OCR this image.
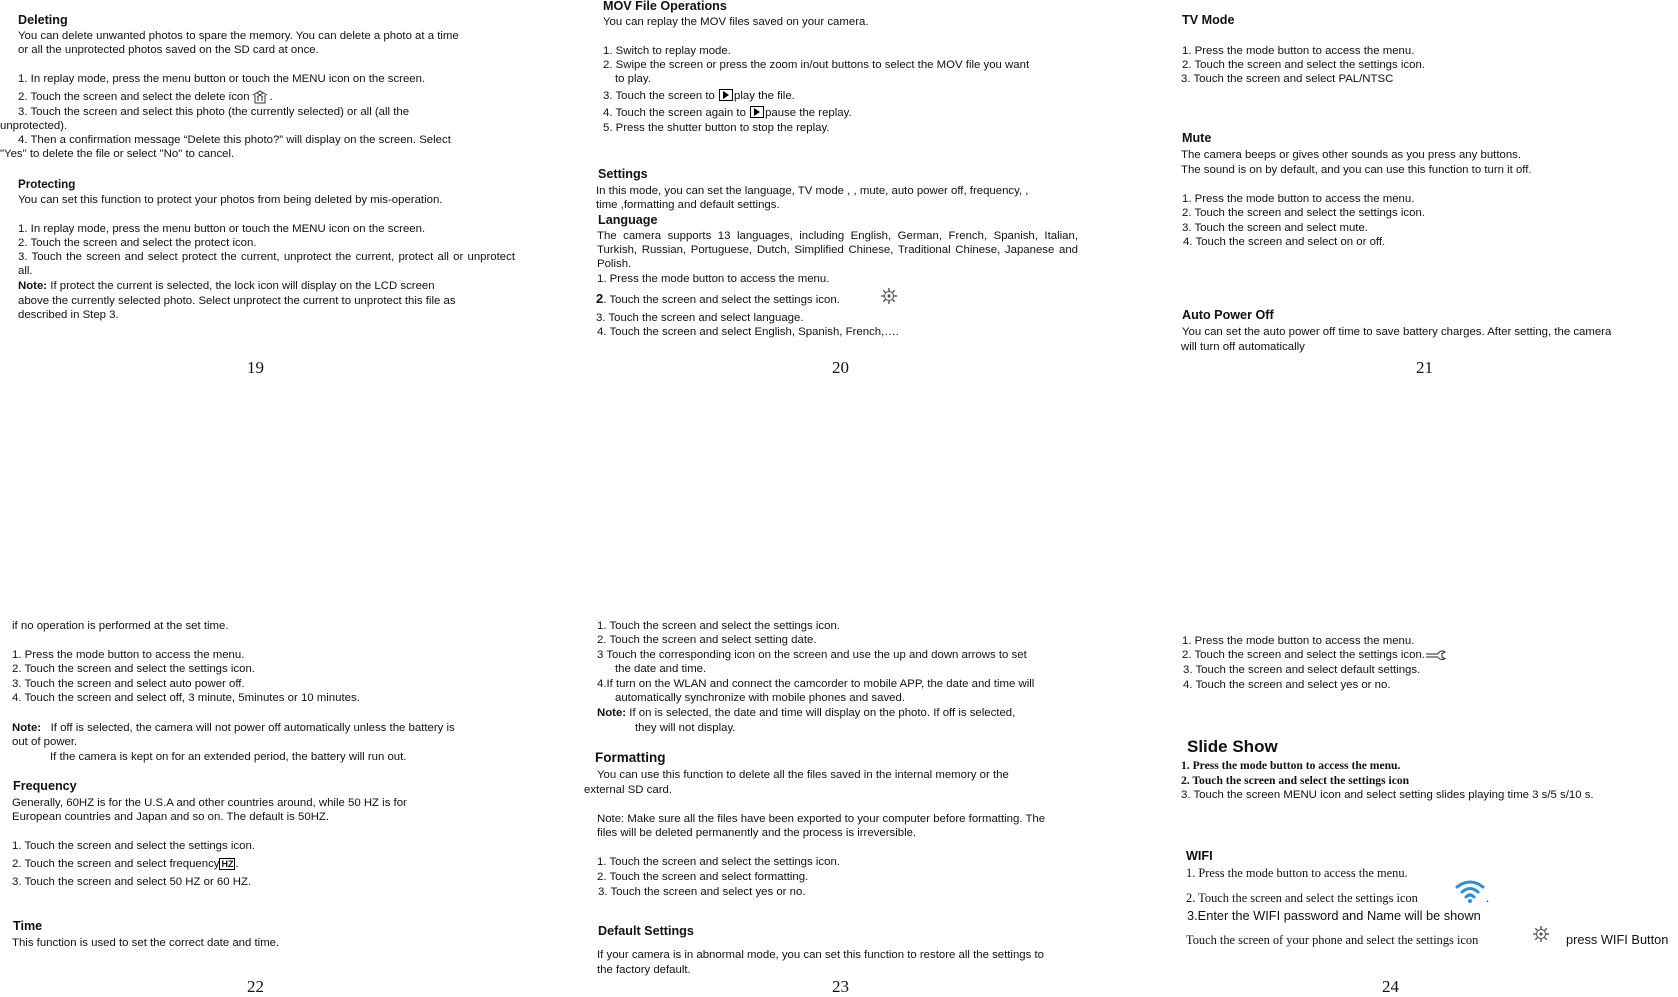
Deleting
You can delete unwanted photos to spare the memory. You can delete a photo at a time
or all the unprotected photos saved on the SD card at once.
1. In replay mode, press the menu button or touch the MENU icon on the screen.
2. Touch the screen and select the delete icon .
3. Touch the screen and select this photo (the currently selected) or all (all the
unprotected).
4. Then a confirmation message “Delete this photo?” will display on the screen. Select
"Yes" to delete the file or select "No" to cancel.
Protecting
You can set this function to protect your photos from being deleted by mis-operation.
1. In replay mode, press the menu button or touch the MENU icon on the screen.
2. Touch the screen and select the protect icon.
3. Touch the screen and select protect the current, unprotect the current, protect all or unprotect all.
Note: If protect the current is selected, the lock icon will display on the LCD screen
above the currently selected photo. Select unprotect the current to unprotect this file as
described in Step 3.
19
MOV File Operations
You can replay the MOV files saved on your camera.
1. Switch to replay mode.
2. Swipe the screen or press the zoom in/out buttons to select the MOV file you want
to play.
3. Touch the screen to play the file.
4. Touch the screen again to pause the replay.
5. Press the shutter button to stop the replay.
Settings
In this mode, you can set the language, TV mode , , mute, auto power off, frequency, ,
time ,formatting and default settings.
Language
The camera supports 13 languages, including English, German, French, Spanish, Italian, Turkish, Russian, Portuguese, Dutch, Simplified Chinese, Traditional Chinese, Japanese and Polish.
1. Press the mode button to access the menu.
2. Touch the screen and select the settings icon.
3. Touch the screen and select language.
4. Touch the screen and select English, Spanish, French,….
20
TV Mode
1. Press the mode button to access the menu.
2. Touch the screen and select the settings icon.
3. Touch the screen and select PAL/NTSC
Mute
The camera beeps or gives other sounds as you press any buttons.
The sound is on by default, and you can use this function to turn it off.
1. Press the mode button to access the menu.
2. Touch the screen and select the settings icon.
3. Touch the screen and select mute.
4. Touch the screen and select on or off.
Auto Power Off
You can set the auto power off time to save battery charges. After setting, the camera
will turn off automatically
21
if no operation is performed at the set time.
1. Press the mode button to access the menu.
2. Touch the screen and select the settings icon.
3. Touch the screen and select auto power off.
4. Touch the screen and select off, 3 minute, 5minutes or 10 minutes.
Note:   If off is selected, the camera will not power off automatically unless the battery is
out of power.
If the camera is kept on for an extended period, the battery will run out.
Frequency
Generally, 60HZ is for the U.S.A and other countries around, while 50 HZ is for
European countries and Japan and so on. The default is 50HZ.
1. Touch the screen and select the settings icon.
2. Touch the screen and select frequency HZ .
3. Touch the screen and select 50 HZ or 60 HZ.
Time
This function is used to set the correct date and time.
22
1. Touch the screen and select the settings icon.
2. Touch the screen and select setting date.
3 Touch the corresponding icon on the screen and use the up and down arrows to set
the date and time.
4.If turn on the WLAN and connect the camcorder to mobile APP, the date and time will
automatically synchronize with mobile phones and saved.
Note: If on is selected, the date and time will display on the photo. If off is selected,
they will not display.
Formatting
You can use this function to delete all the files saved in the internal memory or the
external SD card.
Note: Make sure all the files have been exported to your computer before formatting. The
files will be deleted permanently and the process is irreversible.
1. Touch the screen and select the settings icon.
2. Touch the screen and select formatting.
3. Touch the screen and select yes or no.
Default Settings
If your camera is in abnormal mode, you can set this function to restore all the settings to
the factory default.
23
1. Press the mode button to access the menu.
2. Touch the screen and select the settings icon.
3. Touch the screen and select default settings.
4. Touch the screen and select yes or no.
Slide Show
1. Press the mode button to access the menu.
2. Touch the screen and select the settings icon
3. Touch the screen MENU icon and select setting slides playing time 3 s/5 s/10 s.
WIFI
1. Press the mode button to access the menu.
2. Touch the screen and select the settings icon	.
3.Enter the WIFI password and Name will be shown
Touch the screen of your phone and select the settings icon	press WIFI Button
24
